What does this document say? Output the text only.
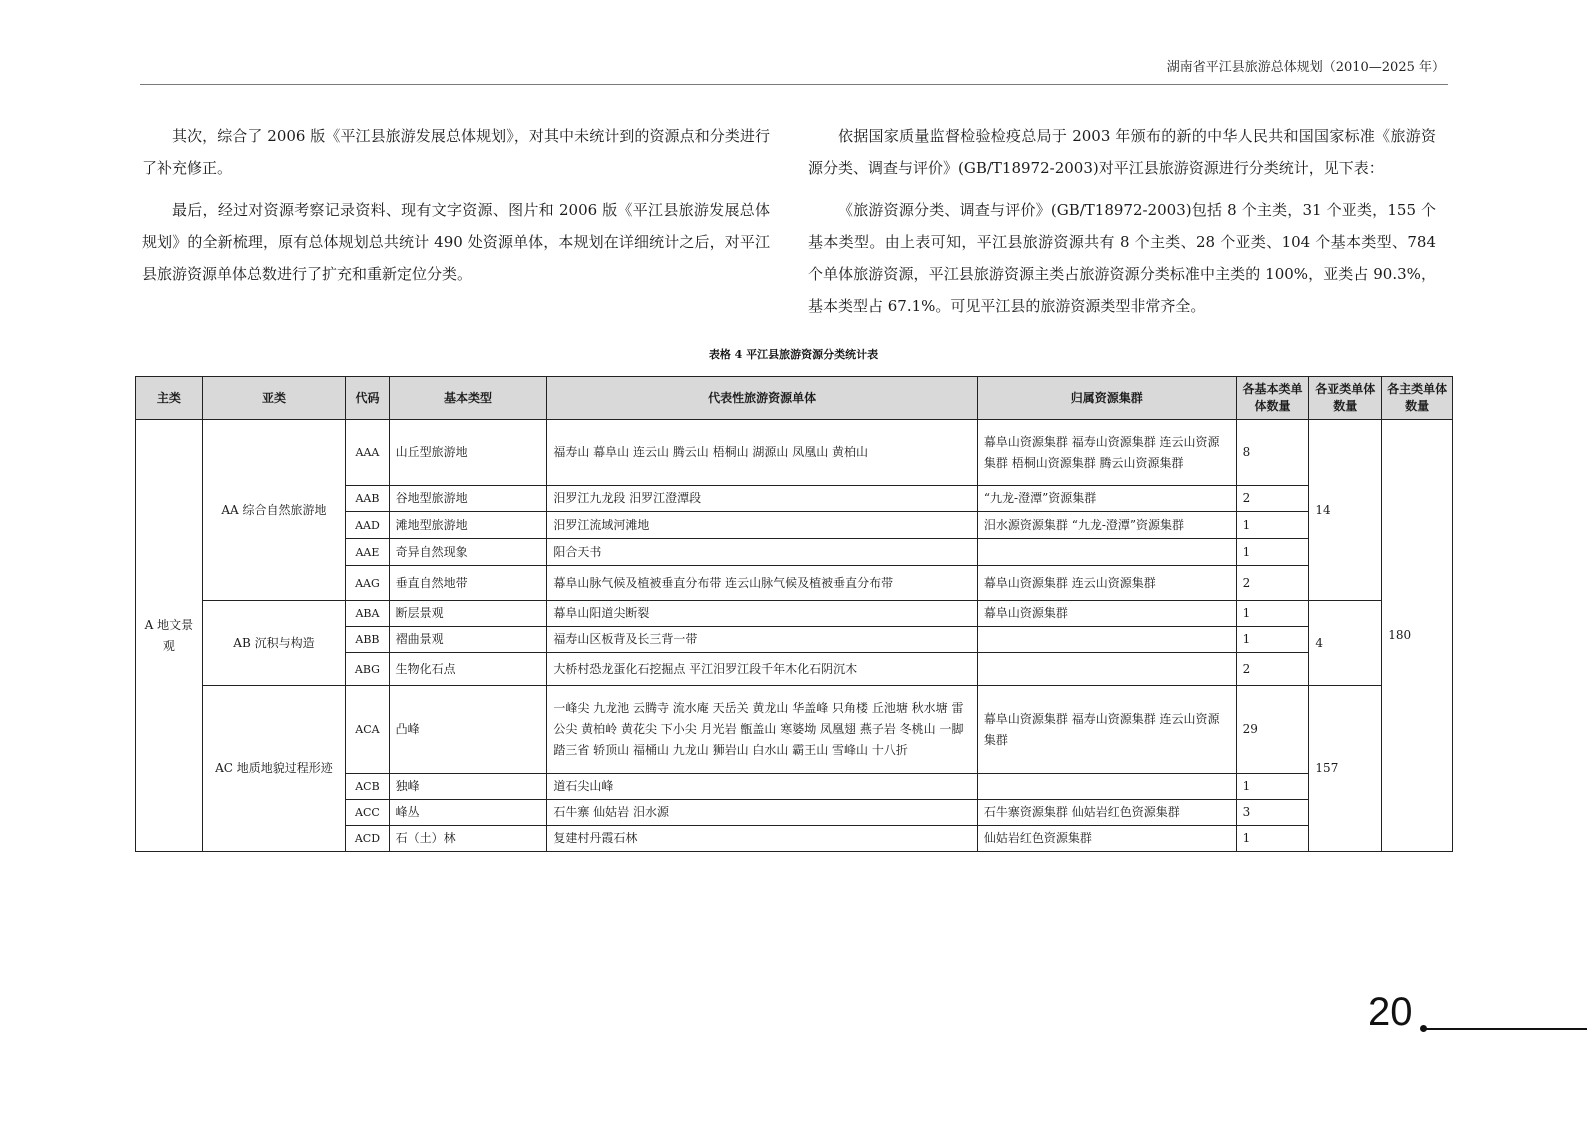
湖南省平江县旅游总体规划（2010—2025 年）

其次，综合了 2006 版《平江县旅游发展总体规划》，对其中未统计到的资源点和分类进行了补充修正。

最后，经过对资源考察记录资料、现有文字资源、图片和 2006 版《平江县旅游发展总体规划》的全新梳理，原有总体规划总共统计 490 处资源单体，本规划在详细统计之后，对平江县旅游资源单体总数进行了扩充和重新定位分类。

依据国家质量监督检验检疫总局于 2003 年颁布的新的中华人民共和国国家标准《旅游资源分类、调查与评价》(GB/T18972-2003)对平江县旅游资源进行分类统计，见下表：

《旅游资源分类、调查与评价》(GB/T18972-2003)包括 8 个主类，31 个亚类，155 个基本类型。由上表可知，平江县旅游资源共有 8 个主类、28 个亚类、104 个基本类型、784 个单体旅游资源，平江县旅游资源主类占旅游资源分类标准中主类的 100%，亚类占 90.3%，基本类型占 67.1%。可见平江县的旅游资源类型非常齐全。

表格 4 平江县旅游资源分类统计表
主类	亚类	代码	基本类型	代表性旅游资源单体	归属资源集群	各基本类单体数量	各亚类单体数量	各主类单体数量
A 地文景观	AA 综合自然旅游地	AAA	山丘型旅游地	福寿山 幕阜山 连云山 腾云山 梧桐山 湖源山 凤凰山 黄柏山	幕阜山资源集群 福寿山资源集群 连云山资源集群 梧桐山资源集群 腾云山资源集群	8	14	180
		AAB	谷地型旅游地	汨罗江九龙段 汨罗江澄潭段	“九龙-澄潭”资源集群	2		
		AAD	滩地型旅游地	汨罗江流域河滩地	汨水源资源集群 “九龙-澄潭”资源集群	1		
		AAE	奇异自然现象	阳合天书		1		
		AAG	垂直自然地带	幕阜山脉气候及植被垂直分布带 连云山脉气候及植被垂直分布带	幕阜山资源集群 连云山资源集群	2		
	AB 沉积与构造	ABA	断层景观	幕阜山阳道尖断裂	幕阜山资源集群	1	4	
		ABB	褶曲景观	福寿山区板背及长三背一带		1		
		ABG	生物化石点	大桥村恐龙蛋化石挖掘点 平江汨罗江段千年木化石阴沉木		2		
	AC 地质地貌过程形迹	ACA	凸峰	一峰尖 九龙池 云腾寺 流水庵 天岳关 黄龙山 华盖峰 只角楼 丘池塘 秋水塘 雷公尖 黄柏岭 黄花尖 下小尖 月光岩 甑盖山 寒婆坳 凤凰翅 燕子岩 冬桃山 一脚踏三省 轿顶山 福桶山 九龙山 狮岩山 白水山 霸王山 雪峰山 十八折	幕阜山资源集群 福寿山资源集群 连云山资源集群	29	157	
		ACB	独峰	道石尖山峰		1		
		ACC	峰丛	石牛寨 仙姑岩 汨水源	石牛寨资源集群 仙姑岩红色资源集群	3		
		ACD	石（土）林	复建村丹霞石林	仙姑岩红色资源集群	1		
20
